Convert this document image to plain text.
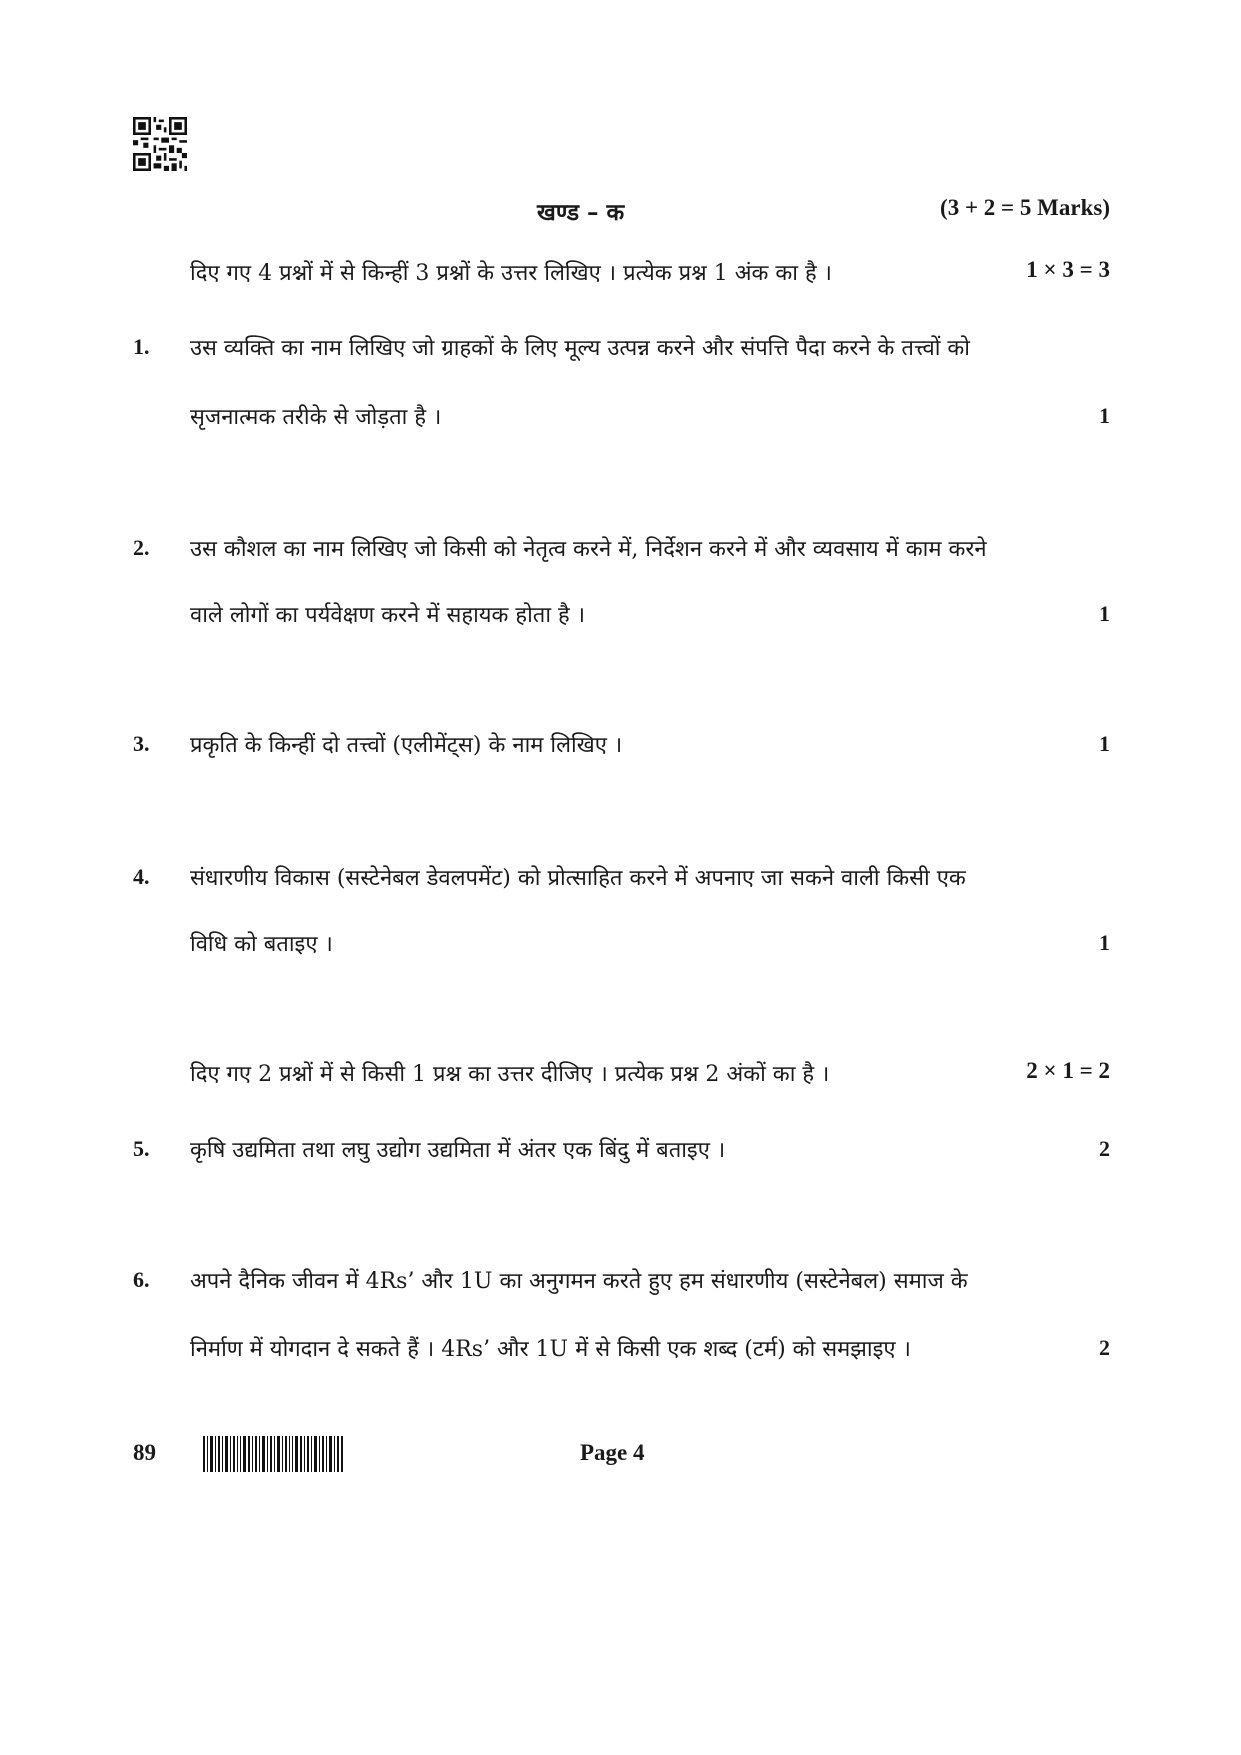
खण्ड – क	(3 + 2 = 5 Marks)
दिए गए 4 प्रश्नों में से किन्हीं 3 प्रश्नों के उत्तर लिखिए । प्रत्येक प्रश्न 1 अंक का है ।	1 × 3 = 3
1. उस व्यक्ति का नाम लिखिए जो ग्राहकों के लिए मूल्य उत्पन्न करने और संपत्ति पैदा करने के तत्त्वों को
सृजनात्मक तरीके से जोड़ता है ।	1
2. उस कौशल का नाम लिखिए जो किसी को नेतृत्व करने में, निर्देशन करने में और व्यवसाय में काम करने
वाले लोगों का पर्यवेक्षण करने में सहायक होता है ।	1
3. प्रकृति के किन्हीं दो तत्त्वों (एलीमेंट्स) के नाम लिखिए ।	1
4. संधारणीय विकास (सस्टेनेबल डेवलपमेंट) को प्रोत्साहित करने में अपनाए जा सकने वाली किसी एक
विधि को बताइए ।	1
दिए गए 2 प्रश्नों में से किसी 1 प्रश्न का उत्तर दीजिए । प्रत्येक प्रश्न 2 अंकों का है ।	2 × 1 = 2
5. कृषि उद्यमिता तथा लघु उद्योग उद्यमिता में अंतर एक बिंदु में बताइए ।	2
6. अपने दैनिक जीवन में 4Rs’ और 1U का अनुगमन करते हुए हम संधारणीय (सस्टेनेबल) समाज के
निर्माण में योगदान दे सकते हैं । 4Rs’ और 1U में से किसी एक शब्द (टर्म) को समझाइए ।	2
89	Page 4
